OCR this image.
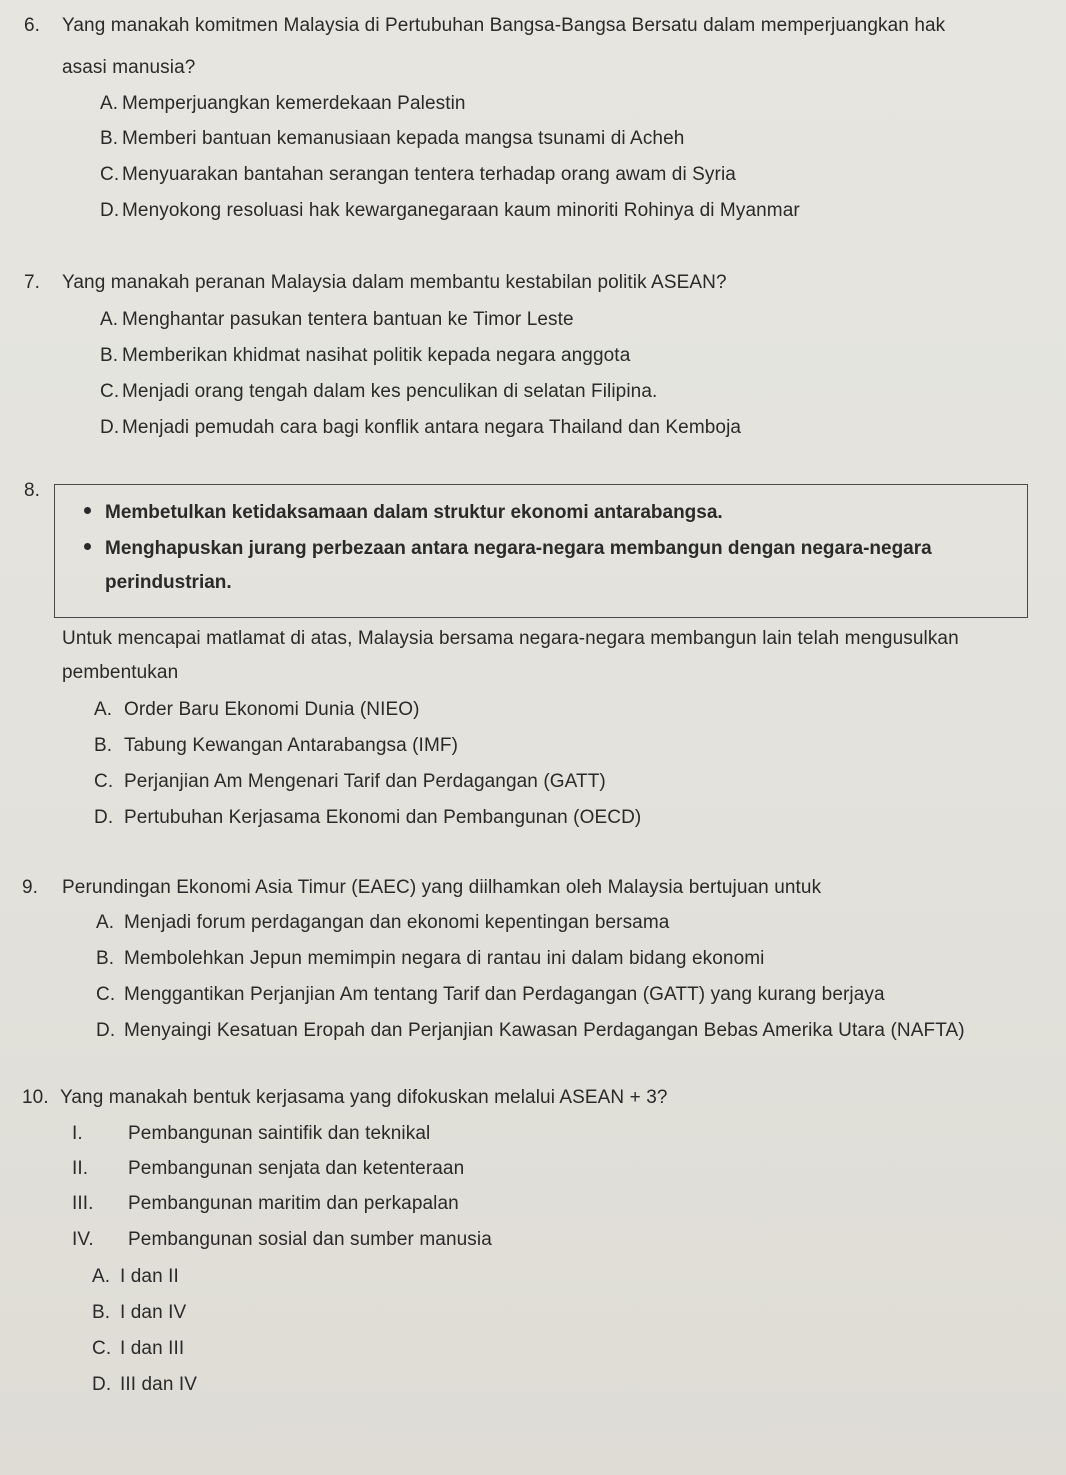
6. Yang manakah komitmen Malaysia di Pertubuhan Bangsa-Bangsa Bersatu dalam memperjuangkan hak
asasi manusia?
A. Memperjuangkan kemerdekaan Palestin
B. Memberi bantuan kemanusiaan kepada mangsa tsunami di Acheh
C. Menyuarakan bantahan serangan tentera terhadap orang awam di Syria
D. Menyokong resoluasi hak kewarganegaraan kaum minoriti Rohinya di Myanmar
7. Yang manakah peranan Malaysia dalam membantu kestabilan politik ASEAN?
A. Menghantar pasukan tentera bantuan ke Timor Leste
B. Memberikan khidmat nasihat politik kepada negara anggota
C. Menjadi orang tengah dalam kes penculikan di selatan Filipina.
D. Menjadi pemudah cara bagi konflik antara negara Thailand dan Kemboja
8.
Membetulkan ketidaksamaan dalam struktur ekonomi antarabangsa.
Menghapuskan jurang perbezaan antara negara-negara membangun dengan negara-negara
perindustrian.
Untuk mencapai matlamat di atas, Malaysia bersama negara-negara membangun lain telah mengusulkan
pembentukan
A. Order Baru Ekonomi Dunia (NIEO)
B. Tabung Kewangan Antarabangsa (IMF)
C. Perjanjian Am Mengenari Tarif dan Perdagangan (GATT)
D. Pertubuhan Kerjasama Ekonomi dan Pembangunan (OECD)
9. Perundingan Ekonomi Asia Timur (EAEC) yang diilhamkan oleh Malaysia bertujuan untuk
A. Menjadi forum perdagangan dan ekonomi kepentingan bersama
B. Membolehkan Jepun memimpin negara di rantau ini dalam bidang ekonomi
C. Menggantikan Perjanjian Am tentang Tarif dan Perdagangan (GATT) yang kurang berjaya
D. Menyaingi Kesatuan Eropah dan Perjanjian Kawasan Perdagangan Bebas Amerika Utara (NAFTA)
10. Yang manakah bentuk kerjasama yang difokuskan melalui ASEAN + 3?
I. Pembangunan saintifik dan teknikal
II. Pembangunan senjata dan ketenteraan
III. Pembangunan maritim dan perkapalan
IV. Pembangunan sosial dan sumber manusia
A. I dan II
B. I dan IV
C. I dan III
D. III dan IV
